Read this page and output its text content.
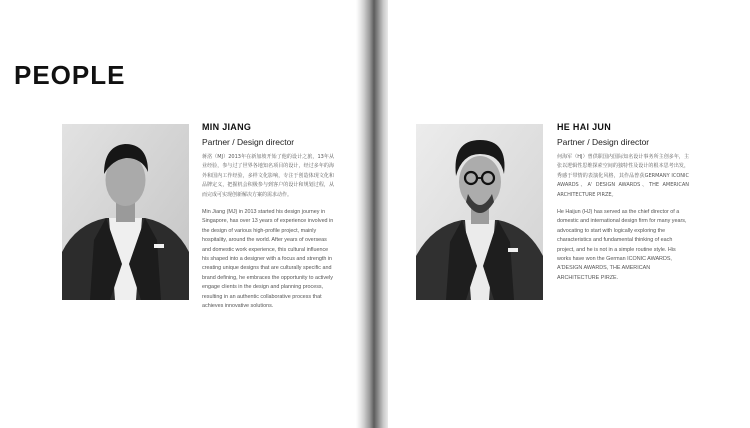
PEOPLE
MIN JIANG
Partner / Design director

蒋洺（MJ）2013年在新加坡开始了他的设计之旅，13年从业经验，参与过了世界各地知名项目的设计，经过多年的海外和国内工作经验，多样文化影响，专注于创造体现文化和品牌定义，把握机会积极参与到客户的设计和规划过程，从而完成可实现创新解决方案的需求动作。

Min Jiang (MJ) in 2013 started his design journey in Singapore, has over 13 years of experience involved in the design of various high-profile project, mainly hospitality, around the world. After years of overseas and domestic work experience, this cultural influence his shaped into a designer with a focus and strength in creating unique designs that are culturally specific and brand defining, he embraces the opportunity to actively engage clients in the design and planning process, resulting in an authentic collaborative process that achieves innovative solutions.

HE HAI JUN
Partner / Design director

何海军（HJ）曾供职国内国际知名设计事务所主创多年，主张以逻辑性思维探索空间的独特性及设计的根本思考出发，秀感于带情的表演化风格，其作品曾获GERMANY ICONIC AWARDS、A' DESIGN AWARDS、THE AMERICAN ARCHITECTURE PIRZE。

He Haijun (HJ) has served as the chief director of a domestic and international design firm for many years, advocating to start with logically exploring the characteristics and fundamental thinking of each project, and he is not in a simple routine style. His works have won the German ICONIC AWARDS, A'DESIGN AWARDS, THE AMERICAN ARCHITECTURE PIRZE.
